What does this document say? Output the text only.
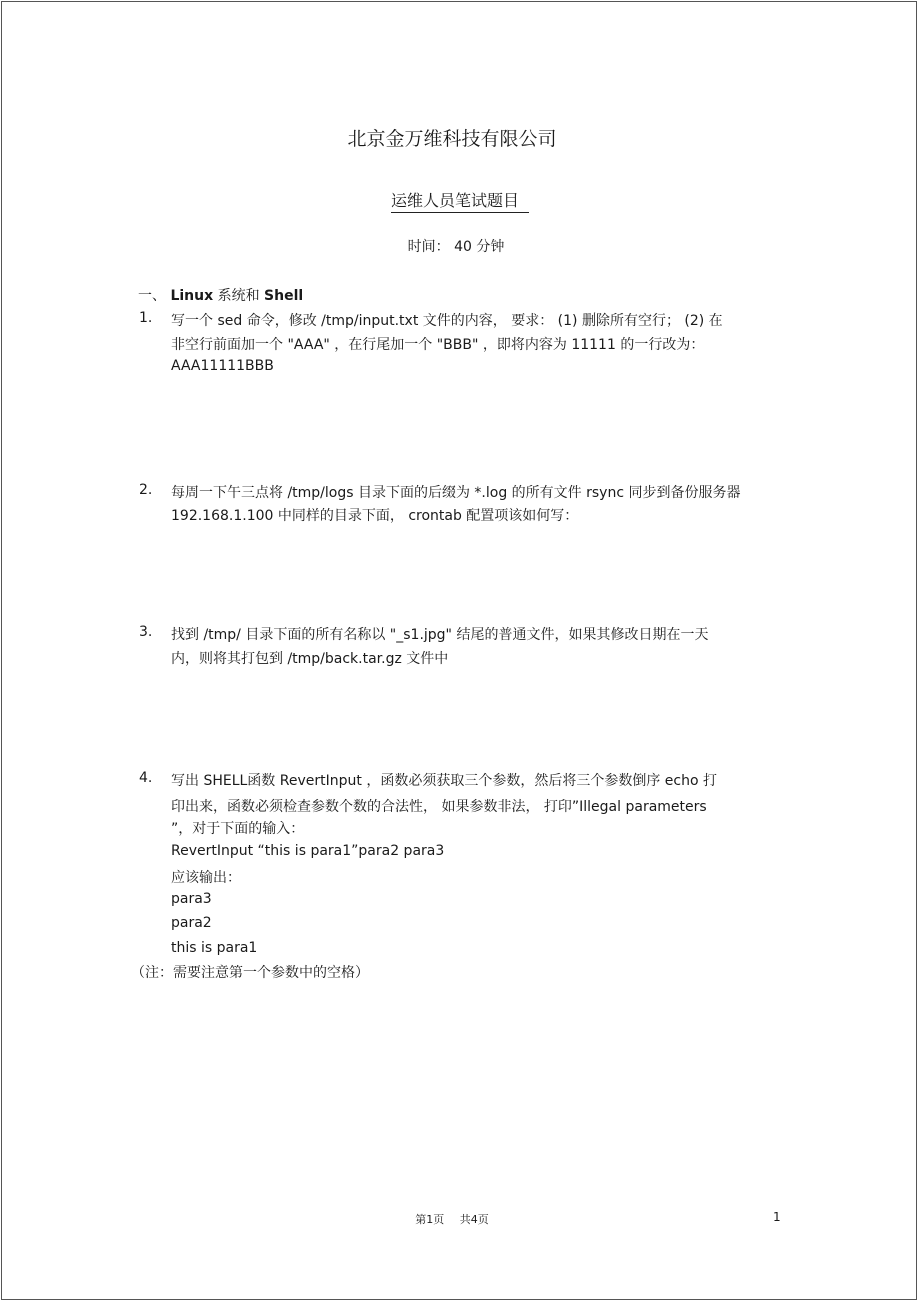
北京金万维科技有限公司
运维人员笔试题目
时间： 40 分钟
一、 Linux 系统和 Shell
1. 写一个 sed 命令，修改 /tmp/input.txt 文件的内容， 要求： (1) 删除所有空行； (2) 在
非空行前面加一个 "AAA" ，在行尾加一个 "BBB" ，即将内容为 11111 的一行改为：
AAA11111BBB
2. 每周一下午三点将 /tmp/logs 目录下面的后缀为 *.log 的所有文件 rsync 同步到备份服务器
192.168.1.100 中同样的目录下面， crontab 配置项该如何写：
3. 找到 /tmp/ 目录下面的所有名称以 "_s1.jpg" 结尾的普通文件，如果其修改日期在一天
内，则将其打包到 /tmp/back.tar.gz 文件中
4. 写出 SHELL函数 RevertInput ，函数必须获取三个参数，然后将三个参数倒序 echo 打
印出来，函数必须检查参数个数的合法性， 如果参数非法， 打印”Illegal parameters
”，对于下面的输入：
RevertInput “this is para1”para2 para3
应该输出：
para3
para2
this is para1
（注：需要注意第一个参数中的空格）
第1页 共4页	1
